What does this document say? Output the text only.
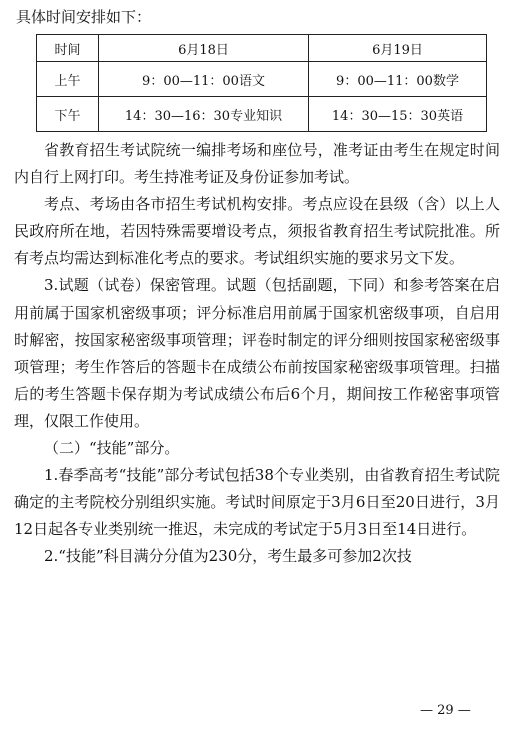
具体时间安排如下：
时间	6月18日	6月19日
上午	9：00—11：00语文	9：00—11：00数学
下午	14：30—16：30专业知识	14：30—15：30英语

省教育招生考试院统一编排考场和座位号，准考证由考生在规定时间内自行上网打印。考生持准考证及身份证参加考试。

考点、考场由各市招生考试机构安排。考点应设在县级（含）以上人民政府所在地，若因特殊需要增设考点，须报省教育招生考试院批准。所有考点均需达到标准化考点的要求。考试组织实施的要求另文下发。

3.试题（试卷）保密管理。试题（包括副题，下同）和参考答案在启用前属于国家机密级事项；评分标准启用前属于国家机密级事项，自启用时解密，按国家秘密级事项管理；评卷时制定的评分细则按国家秘密级事项管理；考生作答后的答题卡在成绩公布前按国家秘密级事项管理。扫描后的考生答题卡保存期为考试成绩公布后6个月，期间按工作秘密事项管理，仅限工作使用。

（二）“技能”部分。

1.春季高考“技能”部分考试包括38个专业类别，由省教育招生考试院确定的主考院校分别组织实施。考试时间原定于3月6日至20日进行，3月12日起各专业类别统一推迟，未完成的考试定于5月3日至14日进行。

2.“技能”科目满分分值为230分，考生最多可参加2次技

— 29 —
